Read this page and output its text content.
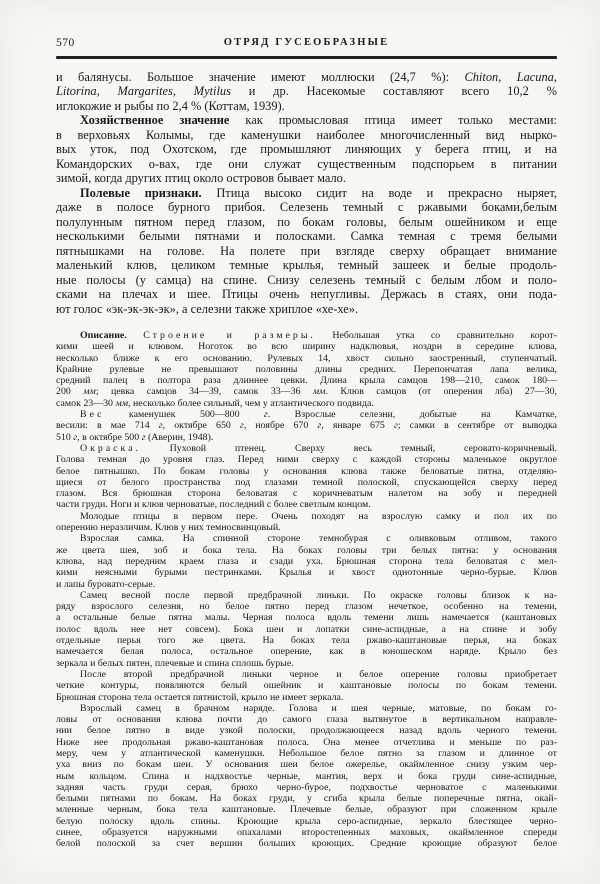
570	ОТРЯД ГУСЕОБРАЗНЫЕ
и балянусы. Большое значение имеют моллюски (24,7 %): Chiton, Lacuna,
Litorina, Margarites, Mytilus и др. Насекомые составляют всего 10,2 %
иглокожие и рыбы по 2,4 % (Коттам, 1939).
Хозяйственное значение как промысловая птица имеет только местами:
в верховьях Колымы, где каменушки наиболее многочисленный вид нырко-
вых уток, под Охотском, где промышляют линяющих у берега птиц, и на
Командорских о-вах, где они служат существенным подспорьем в питании
зимой, когда других птиц около островов бывает мало.
Полевые признаки. Птица высоко сидит на воде и прекрасно ныряет,
даже в полосе бурного прибоя. Селезень темный с ржавыми боками,белым
полулунным пятном перед глазом, по бокам головы, белым ошейником и еще
несколькими белыми пятнами и полосками. Самка темная с тремя белыми
пятнышками на голове. На полете при взгляде сверху обращает внимание
маленький клюв, целиком темные крылья, темный зашеек и белые продоль-
ные полосы (у самца) на спине. Снизу селезень темный с белым лбом и поло-
сками на плечах и шее. Птицы очень непугливы. Держась в стаях, они пода-
ют голос «эк-эк-эк-эк», а селезни также хриплое «хе-хе».
Описание. Строение и размеры. Небольшая утка со сравнительно корот-
кими шеей и клювом. Ноготок во всю ширину надклювья, ноздри в середине клюва,
несколько ближе к его основанию. Рулевых 14, хвост сильно заостренный, ступенчатый.
Крайние рулевые не превышают половины длины средних. Перепончатая лапа велика,
средний палец в полтора раза длиннее цевки. Длина крыла самцов 198—210, самок 180—
200 мм; цевка самцов 34—39, самок 33—36 мм. Клюв самцов (от оперения лба) 27—30,
самок 23—30 мм, несколько более сильный, чем у атлантического подвида.
Вес каменушек 500—800 г. Взрослые селезни, добытые на Камчатке,
весили: в мае 714 г, октябре 650 г, ноябре 670 г, январе 675 г; самки в сентябре от выводка
510 г, в октябре 500 г (Аверин, 1948).
Окраска. Пуховой птенец. Сверху весь темный, серовато-коричневый.
Голова темная до уровня глаз. Перед ними сверху с каждой стороны маленькое округлое
белое пятнышко. По бокам головы у основания клюва также беловатые пятна, отделяю-
щиеся от белого пространства под глазами темной полоской, спускающейся сверху перед
глазом. Вся брюшная сторона беловатая с коричневатым налетом на зобу и передней
части груди. Ноги и клюв черноватые, последний с более светлым концом.
Молодые птицы в первом пере. Очень походят на взрослую самку и пол их по
оперению неразличим. Клюв у них темносвинцовый.
Взрослая самка. На спинной стороне темнобурая с оливковым отливом, такого
же цвета шея, зоб и бока тела. На боках головы три белых пятна: у основания
клюва, над передним краем глаза и сзади уха. Брюшная сторона тела беловатая с мел-
кими неясными бурыми пестринками. Крылья и хвост однотонные черно-бурые. Клюв
и лапы буровато-серые.
Самец весной после первой предбрачной линьки. По окраске головы близок к на-
ряду взрослого селезня, но белое пятно перед глазом нечеткое, особенно на темени,
а остальные белые пятна малы. Черная полоса вдоль темени лишь намечается (каштановых
полос вдоль нее нет совсем). Бока шеи и лопатки сине-аспидные, а на спине и зобу
отдельные перья того же цвета. На боках тела ржаво-каштановые перья, на боках
намечается белая полоса, остальное оперение, как в юношеском наряде. Крыло без
зеркала и белых пятен, плечевые и спина сплошь бурые.
После второй предбрачной линьки черное и белое оперение головы приобретает
четкие контуры, появляются белый ошейник и каштановые полосы по бокам темени.
Брюшная сторона тела остается пятнистой, крыло не имеет зеркала.
Взрослый самец в брачном наряде. Голова и шея черные, матовые, по бокам го-
ловы от основания клюва почти до самого глаза вытянутое в вертикальном направле-
нии белое пятно в виде узкой полоски, продолжающееся назад вдоль черного темени.
Ниже нее продольная ржаво-каштановая полоса. Она менее отчетлива и меньше по раз-
меру, чем у атлантической каменушки. Небольшое белое пятно за глазом и длинное от
уха вниз по бокам шеи. У основания шеи белое ожерелье, окаймленное снизу узким чер-
ным кольцом. Спина и надхвостье черные, мантия, верх и бока груди сине-аспидные,
задняя часть груди серая, брюхо черно-бурое, подхвостье черноватое с маленькими
белыми пятнами по бокам. На боках груди, у сгиба крыла белые поперечные пятна, окай-
мленные черным, бока тела каштановые. Плечевые белые, образуют при сложенном крыле
белую полоску вдоль спины. Кроющие крыла серо-аспидные, зеркало блестящее черно-
синее, образуется наружными опахалами второстепенных маховых, окаймленное спереди
белой полоской за счет вершин больших кроющих. Средние кроющие образуют белое
